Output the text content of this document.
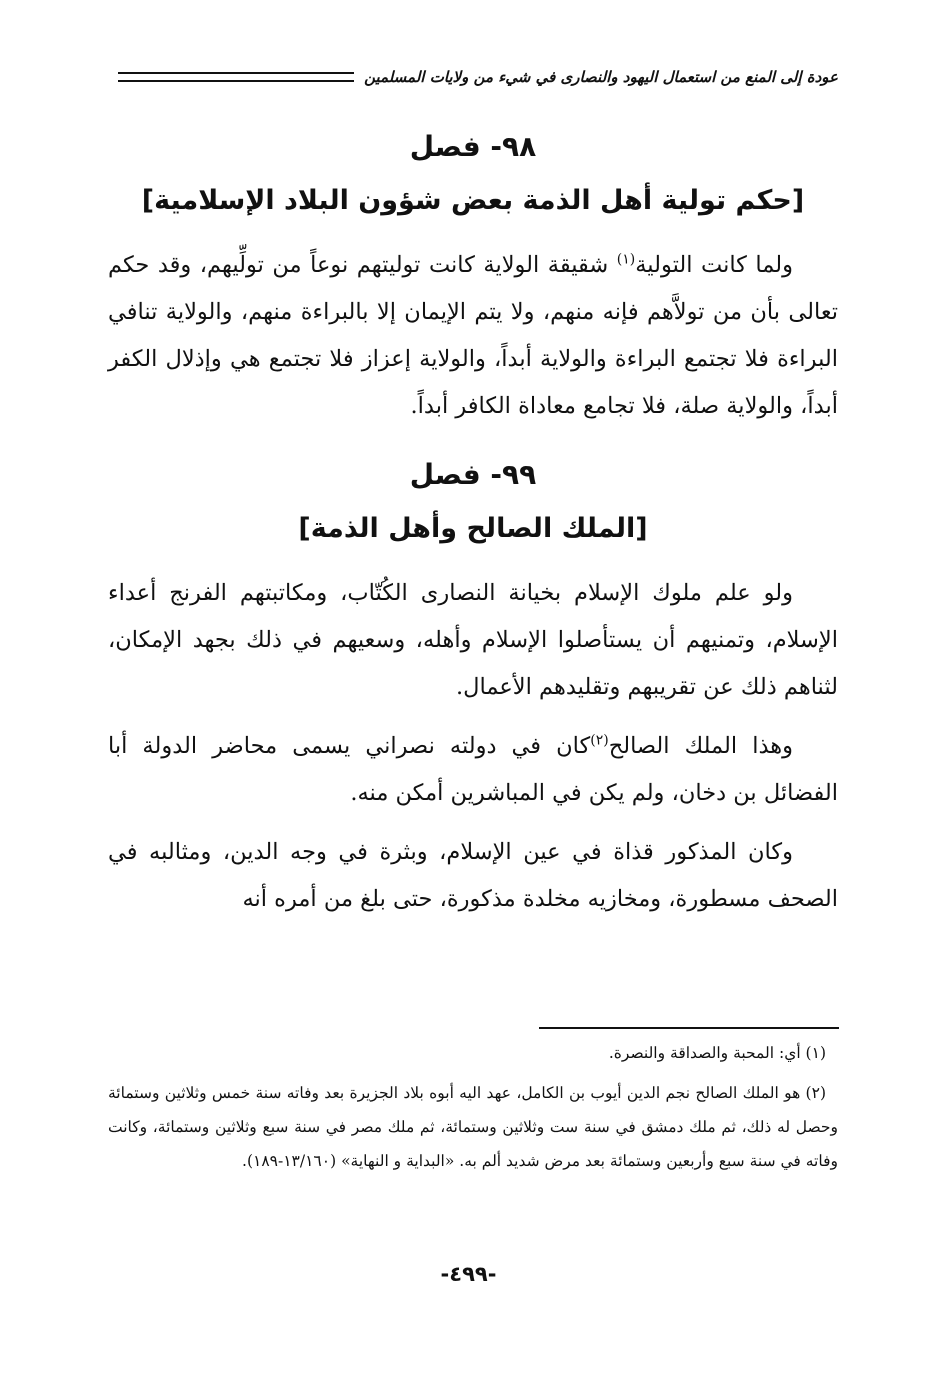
عودة إلى المنع من استعمال اليهود والنصارى في شيء من ولايات المسلمين
٩٨- فصل
[حكم تولية أهل الذمة بعض شؤون البلاد الإسلامية]

ولما كانت التولية$^{(١)}$ شقيقة الولاية كانت توليتهم نوعاً من تولِّيهم، وقد حكم تعالى بأن من تولاَّهم فإنه منهم، ولا يتم الإيمان إلا بالبراءة منهم، والولاية تنافي البراءة فلا تجتمع البراءة والولاية أبداً، والولاية إعزاز فلا تجتمع هي وإذلال الكفر أبداً، والولاية صلة، فلا تجامع معاداة الكافر أبداً.

٩٩- فصل
[الملك الصالح وأهل الذمة]

ولو علم ملوك الإسلام بخيانة النصارى الكُتّاب، ومكاتبتهم الفرنج أعداء الإسلام، وتمنيهم أن يستأصلوا الإسلام وأهله، وسعيهم في ذلك بجهد الإمكان، لثناهم ذلك عن تقريبهم وتقليدهم الأعمال.

وهذا الملك الصالح$^{(٢)}$كان في دولته نصراني يسمى محاضر الدولة أبا الفضائل بن دخان، ولم يكن في المباشرين أمكن منه.

وكان المذكور قذاة في عين الإسلام، وبثرة في وجه الدين، ومثالبه في الصحف مسطورة، ومخازيه مخلدة مذكورة، حتى بلغ من أمره أنه

(١) أي: المحبة والصداقة والنصرة.

(٢) هو الملك الصالح نجم الدين أيوب بن الكامل، عهد اليه أبوه بلاد الجزيرة بعد وفاته سنة خمس وثلاثين وستمائة وحصل له ذلك، ثم ملك دمشق في سنة ست وثلاثين وستمائة، ثم ملك مصر في سنة سبع وثلاثين وستمائة، وكانت وفاته في سنة سبع وأربعين وستمائة بعد مرض شديد ألم به. «البداية و النهاية» (١٣/١٦٠-١٨٩).

-٤٩٩-
